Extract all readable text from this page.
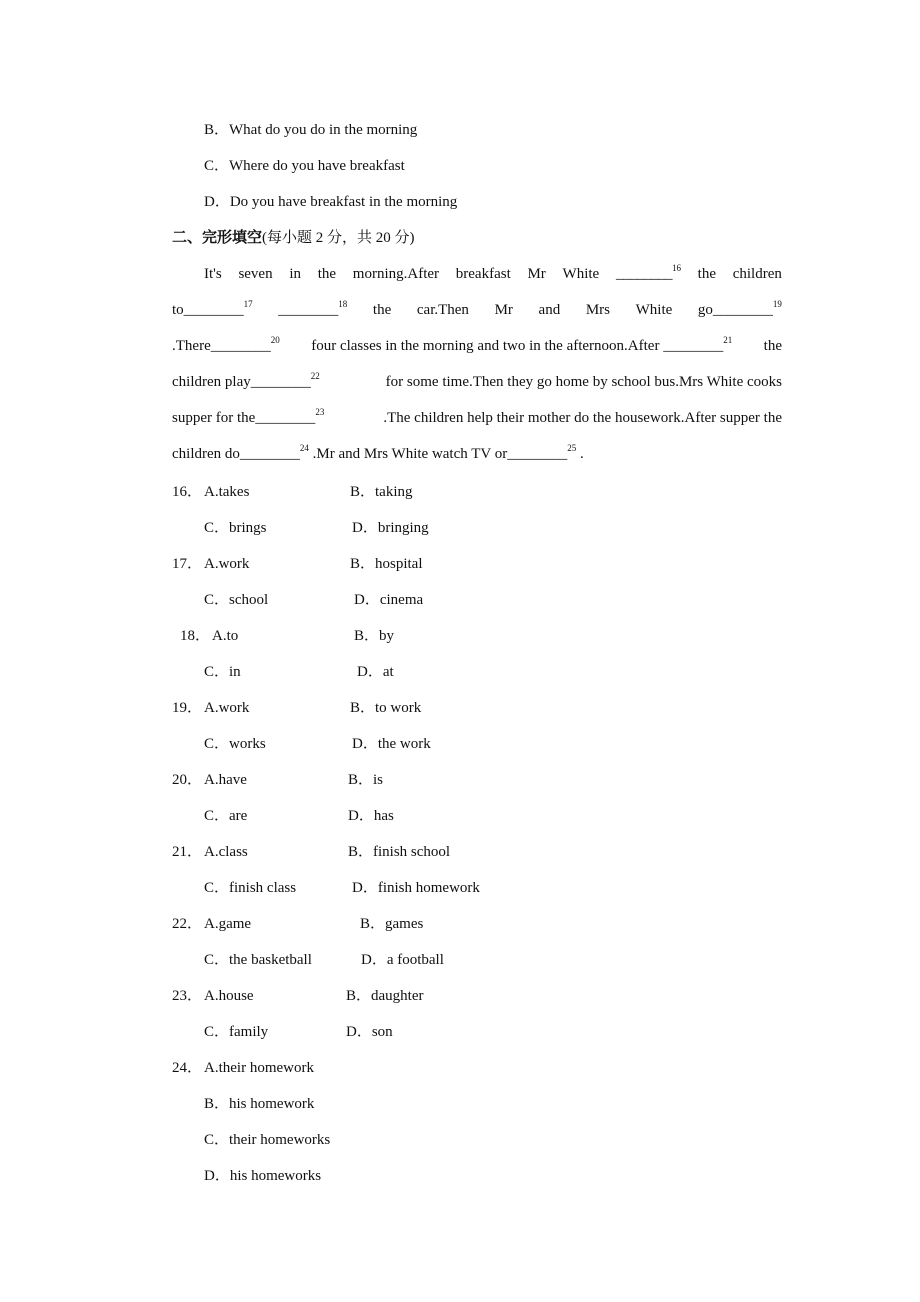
B．What do you do in the morning
C．Where do you have breakfast
D．Do you have breakfast in the morning
二、完形填空(每小题 2 分，共 20 分)
It's seven in the morning.After breakfast Mr White ________$^{16}$ the children
to________$^{17}$ ________$^{18}$ the car.Then Mr and Mrs White go________$^{19}$
.There________$^{20}$ four classes in the morning and two in the afternoon.After ________$^{21}$ the
children play________$^{22}$	for some time.Then they go home by school bus.Mrs White cooks
supper for the________$^{23}$	.The children help their mother do the housework.After supper the
children do________$^{24}$ .Mr and Mrs White watch TV or________$^{25}$ .
16． A.takes	B．taking
C．brings	D．bringing
17． A.work	B．hospital
C．school	D．cinema
18． A.to	B．by
C．in	D．at
19． A.work	B．to work
C．works	D．the work
20． A.have	B．is
C．are	D．has
21． A.class	B．finish school
C．finish class	D．finish homework
22． A.game	B．games
C．the basketball	D．a football
23． A.house	B．daughter
C．family	D．son
24． A.their homework
B．his homework
C．their homeworks
D．his homeworks
